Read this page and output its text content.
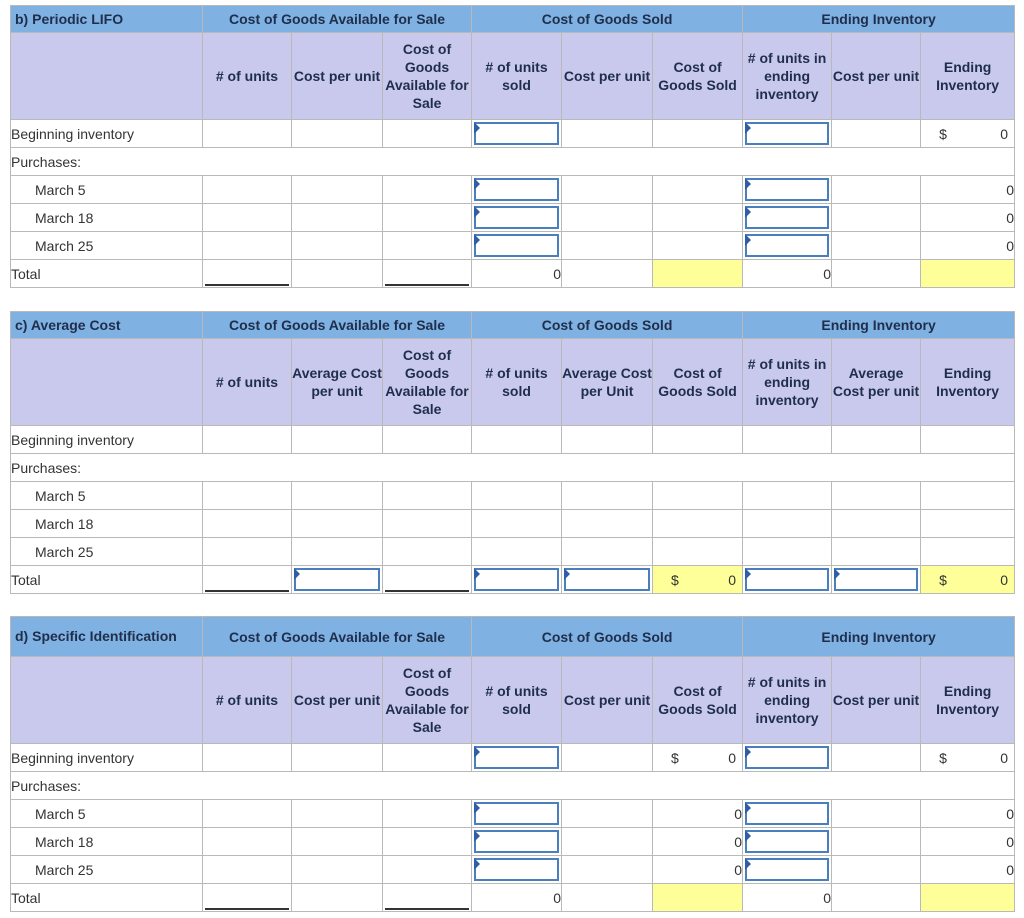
b) Periodic LIFO	Cost of Goods Available for Sale			Cost of Goods Sold			Ending Inventory		
	# of units	Cost per unit	Cost of Goods Available for Sale	# of units sold	Cost per unit	Cost of Goods Sold	# of units in ending inventory	Cost per unit	Ending Inventory
Beginning inventory									$ 0

Purchases:									
March 5									0
March 18									0
March 25									0
Total				0			0		
c) Average Cost	Cost of Goods Available for Sale			Cost of Goods Sold			Ending Inventory		
	# of units	Average Cost per unit	Cost of Goods Available for Sale	# of units sold	Average Cost per Unit	Cost of Goods Sold	# of units in ending inventory	Average Cost per unit	Ending Inventory
Beginning inventory									
Purchases:									
March 5									
March 18									
March 25									
Total						$ 0			$ 0
d) Specific Identification	Cost of Goods Available for Sale			Cost of Goods Sold			Ending Inventory		
	# of units	Cost per unit	Cost of Goods Available for Sale	# of units sold	Cost per unit	Cost of Goods Sold	# of units in ending inventory	Cost per unit	Ending Inventory
Beginning inventory						$ 0			$ 0

Purchases:									
March 5						0			0
March 18						0			0
March 25						0			0
Total				0			0		
